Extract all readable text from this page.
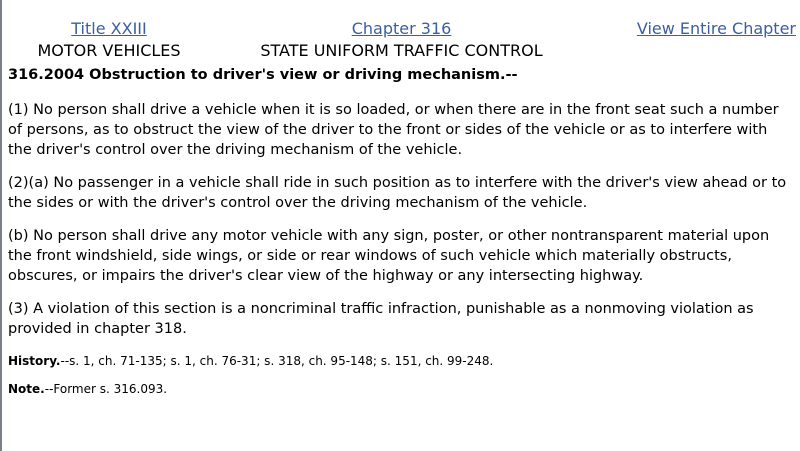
Title XXIII
MOTOR VEHICLES
Chapter 316
STATE UNIFORM TRAFFIC CONTROL
View Entire Chapter
316.2004 Obstruction to driver's view or driving mechanism.--

(1) No person shall drive a vehicle when it is so loaded, or when there are in the front seat such a number of persons, as to obstruct the view of the driver to the front or sides of the vehicle or as to interfere with the driver's control over the driving mechanism of the vehicle.

(2)(a) No passenger in a vehicle shall ride in such position as to interfere with the driver's view ahead or to the sides or with the driver's control over the driving mechanism of the vehicle.

(b) No person shall drive any motor vehicle with any sign, poster, or other nontransparent material upon the front windshield, side wings, or side or rear windows of such vehicle which materially obstructs, obscures, or impairs the driver's clear view of the highway or any intersecting highway.

(3) A violation of this section is a noncriminal traffic infraction, punishable as a nonmoving violation as provided in chapter 318.

History.--s. 1, ch. 71-135; s. 1, ch. 76-31; s. 318, ch. 95-148; s. 151, ch. 99-248.

Note.--Former s. 316.093.
